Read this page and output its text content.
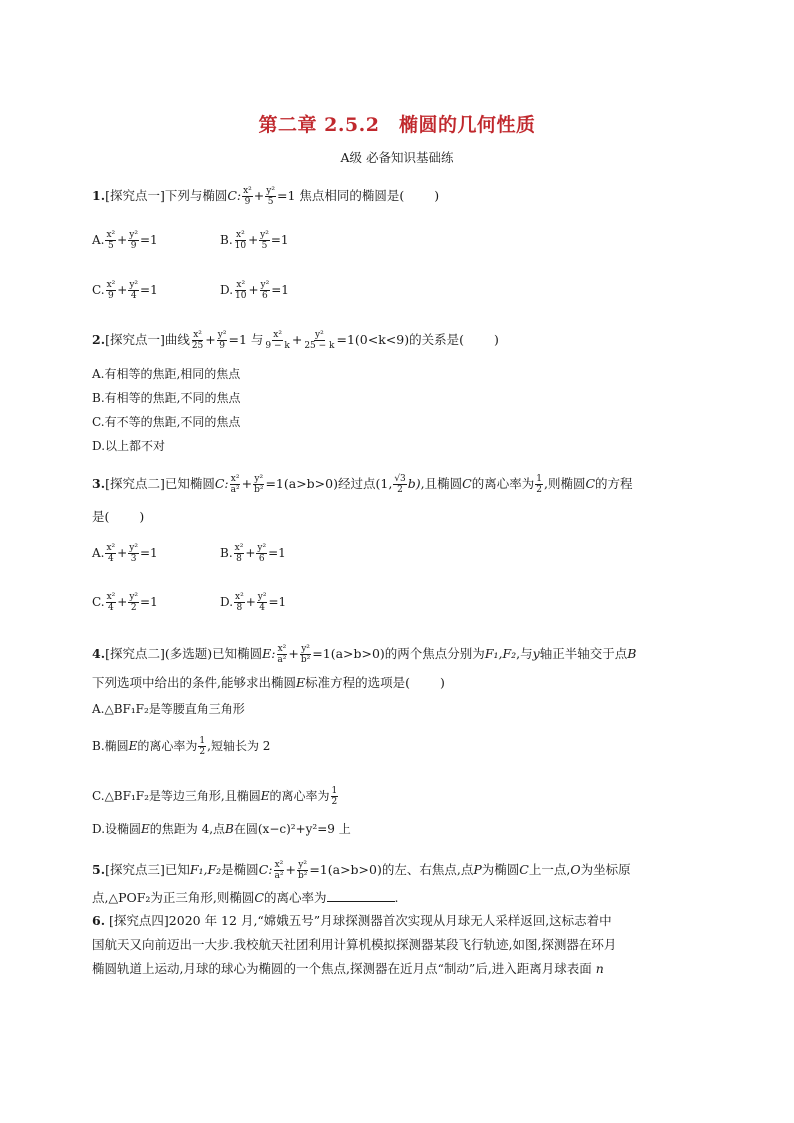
第二章 2.5.2　椭圆的几何性质
A级 必备知识基础练
1.[探究点一]下列与椭圆C: $\frac{\text{x²}}{9} + \frac{\text{y²}}{5} =1$ 焦点相同的椭圆是( )
A. $\frac{\text{x²}}{5} + \frac{\text{y²}}{9} =1$	B. $\frac{\text{x²}}{10} + \frac{\text{y²}}{5} =1$
C. $\frac{\text{x²}}{9} + \frac{\text{y²}}{4} =1$	D. $\frac{\text{x²}}{10} + \frac{\text{y²}}{6} =1$
2.[探究点一]曲线 $\frac{\text{x²}}{25} + \frac{\text{y²}}{9} =1$ 与 $\frac{\text{x²}}{9 - k} + \frac{\text{y²}}{25 - k} =1(0<k<9)$的关系是( )
A.有相等的焦距,相同的焦点
B.有相等的焦距,不同的焦点
C.有不等的焦距,不同的焦点
D.以上都不对
3.[探究点二]已知椭圆C: $\frac{\text{x²}}{\text{a²}} + \frac{\text{y²}}{\text{b²}} =1(a>b>0)$经过点(1, $\frac{√3}{2} b$),且椭圆C的离心率为 $\frac{1}{2}$ ,则椭圆C的方程
是( )
A. $\frac{\text{x²}}{4} + \frac{\text{y²}}{3} =1$	B. $\frac{\text{x²}}{8} + \frac{\text{y²}}{6} =1$
C. $\frac{\text{x²}}{4} + \frac{\text{y²}}{2} =1$	D. $\frac{\text{x²}}{8} + \frac{\text{y²}}{4} =1$
4.[探究点二](多选题)已知椭圆E: $\frac{\text{x²}}{\text{a²}} + \frac{\text{y²}}{\text{b²}} =1(a>b>0)$的两个焦点分别为F₁,F₂,与y轴正半轴交于点B
下列选项中给出的条件,能够求出椭圆E标准方程的选项是( )
A.△BF₁F₂是等腰直角三角形
B.椭圆E的离心率为 $\frac{1}{2}$ ,短轴长为 2
C.△BF₁F₂是等边三角形,且椭圆E的离心率为 $\frac{1}{2}$
D.设椭圆E的焦距为 4,点B在圆(x−c)²+y²=9 上
5.[探究点三]已知F₁,F₂是椭圆C: $\frac{\text{x²}}{\text{a²}} + \frac{\text{y²}}{\text{b²}} =1(a>b>0)$的左、右焦点,点P为椭圆C上一点,O为坐标原
点,△POF₂为正三角形,则椭圆C的离心率为	.
6. [探究点四]2020 年 12 月,“嫦娥五号”月球探测器首次实现从月球无人采样返回,这标志着中
国航天又向前迈出一大步.我校航天社团利用计算机模拟探测器某段飞行轨迹,如图,探测器在环月
椭圆轨道上运动,月球的球心为椭圆的一个焦点,探测器在近月点“制动”后,进入距离月球表面 n
